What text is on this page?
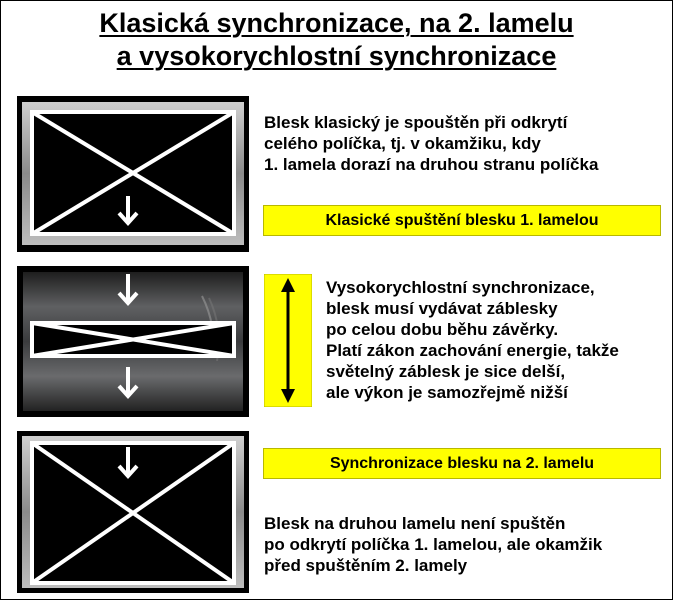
Klasická synchronizace, na 2. lamelu
a vysokorychlostní synchronizace
Blesk klasický je spouštěn při odkrytí
celého políčka, tj. v okamžiku, kdy
1. lamela dorazí na druhou stranu políčka
Klasické spuštění blesku 1. lamelou
Vysokorychlostní synchronizace,
blesk musí vydávat záblesky
po celou dobu běhu závěrky.
Platí zákon zachování energie, takže
světelný záblesk je sice delší,
ale výkon je samozřejmě nižší
Synchronizace blesku na 2. lamelu
Blesk na druhou lamelu není spuštěn
po odkrytí políčka 1. lamelou, ale okamžik
před spuštěním 2. lamely
